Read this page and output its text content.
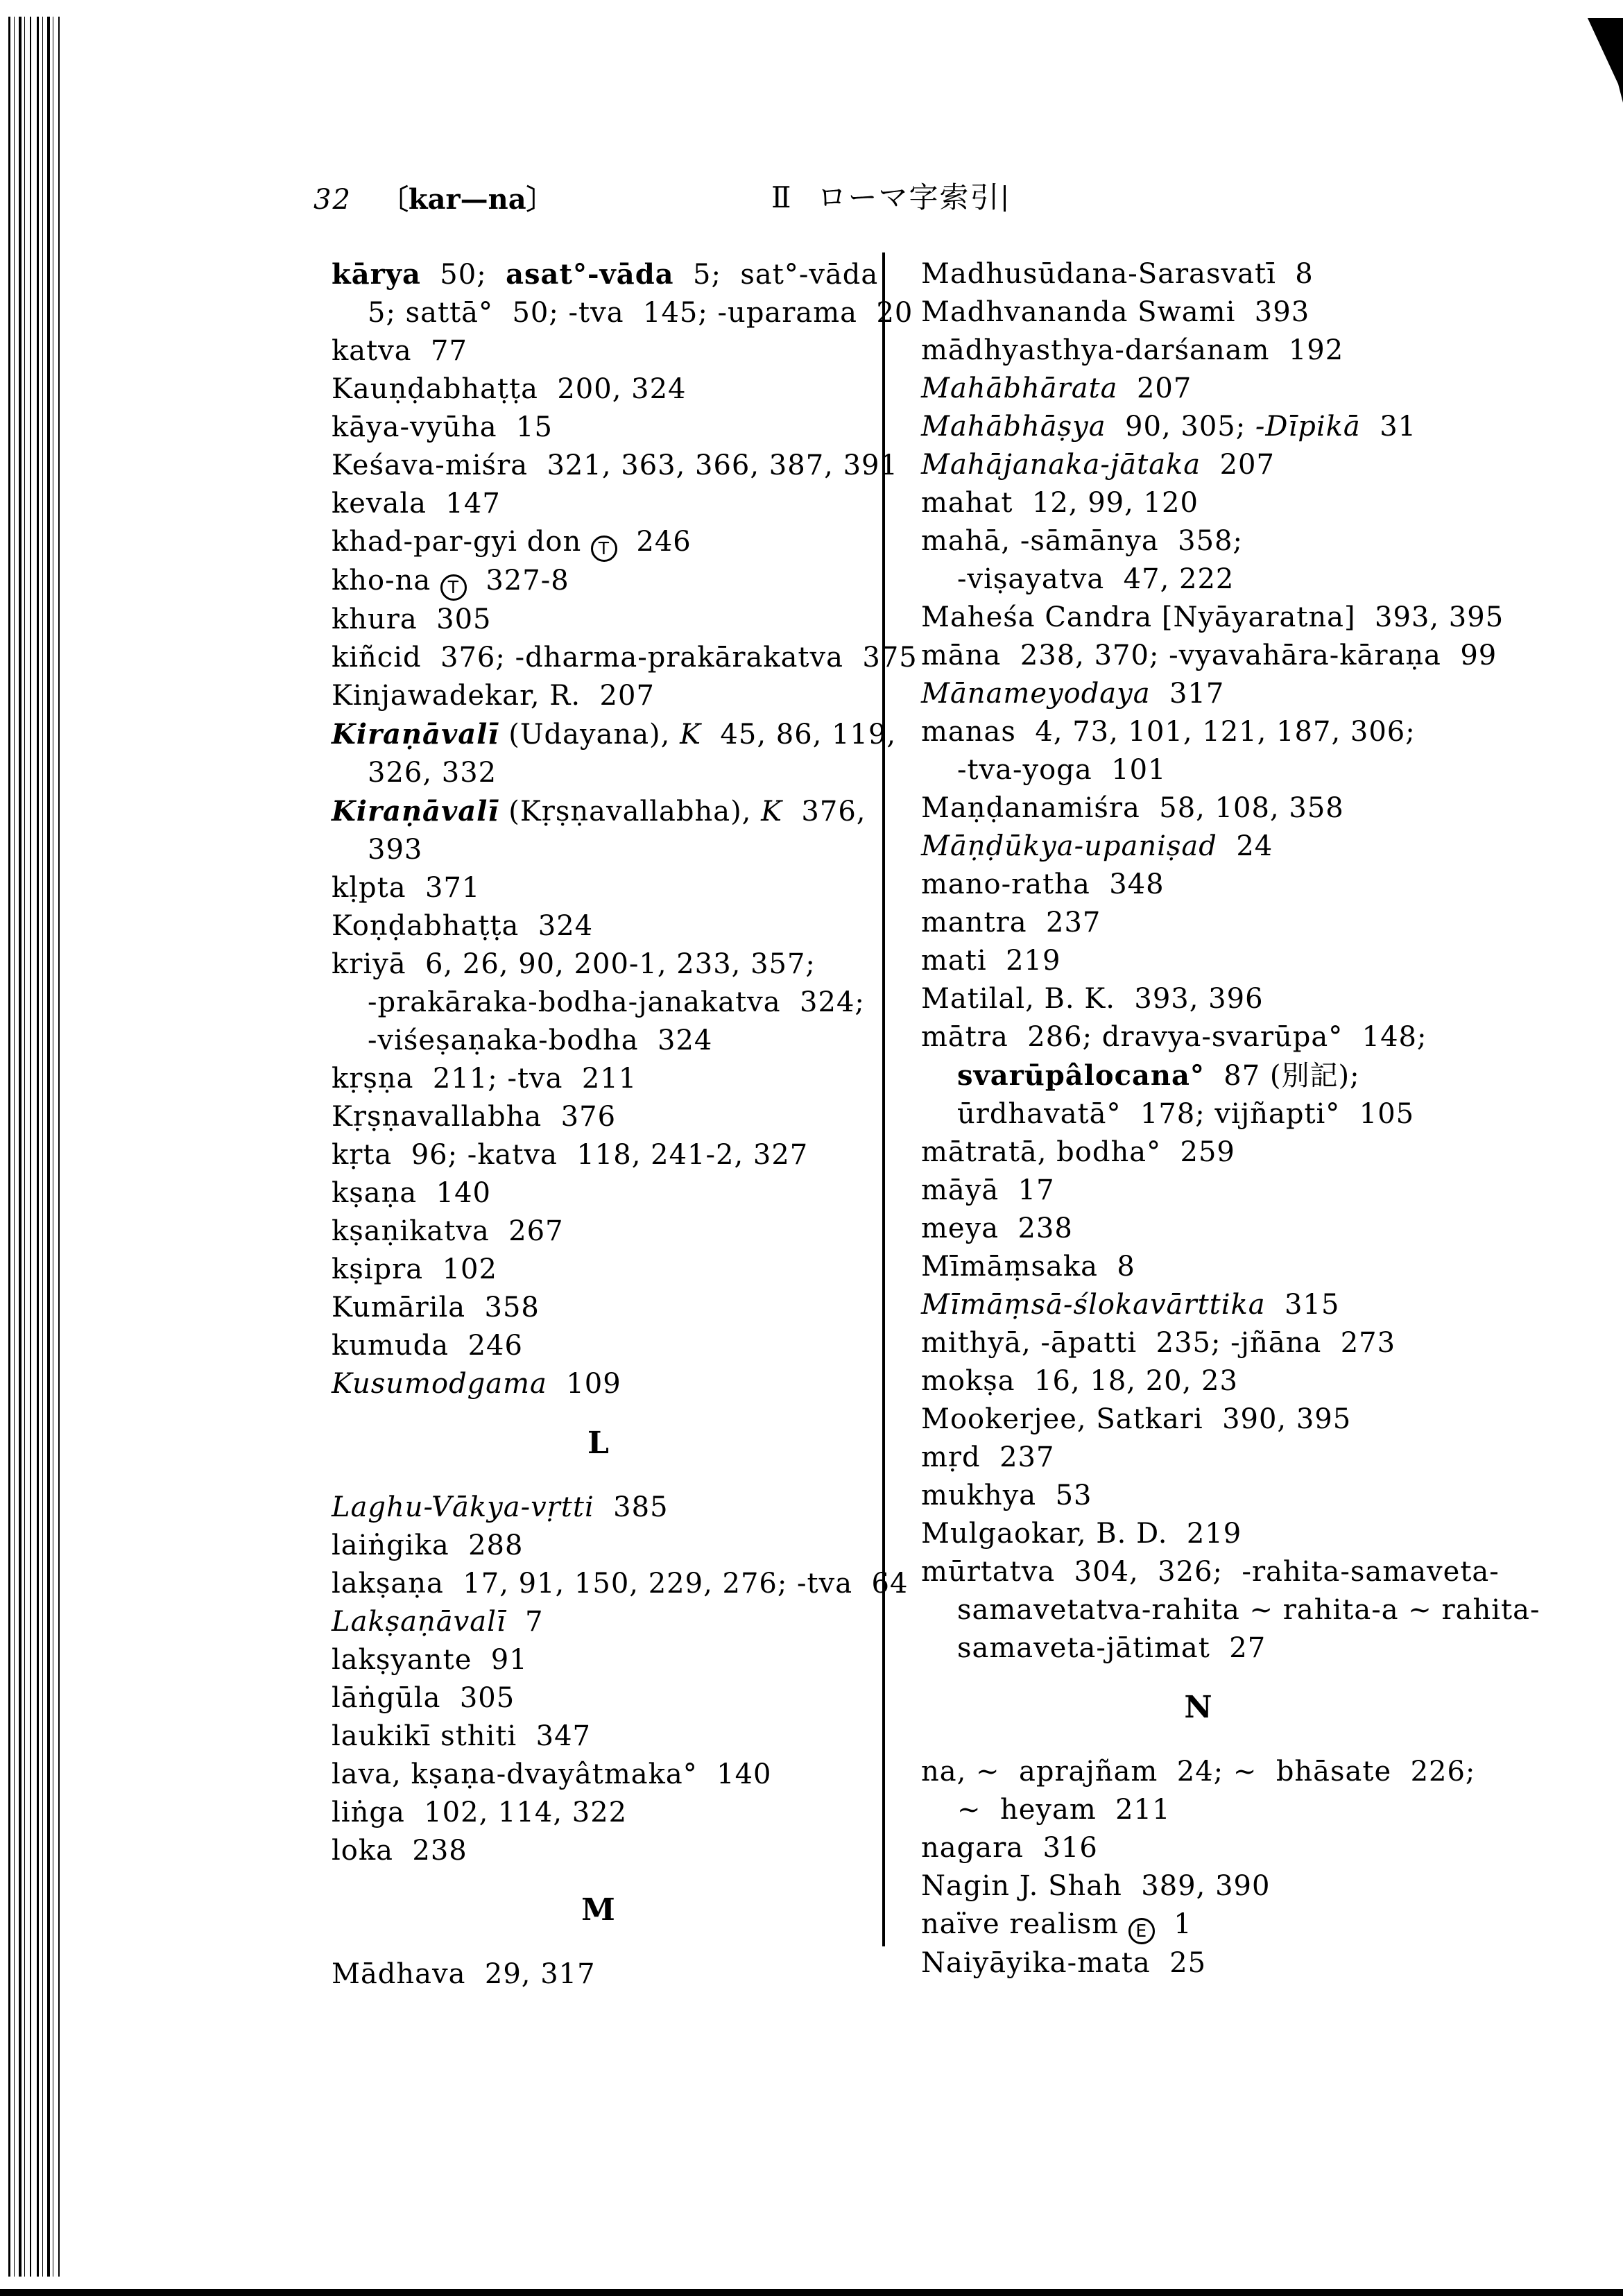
32 〔kar—na〕	Ⅱ ローマ字索引
kārya  50;  asat°-vāda  5;  sat°-vāda
5; sattā°  50; -tva  145; -uparama  20
katva  77
Kauṇḍabhaṭṭa  200, 324
kāya-vyūha  15
Keśava-miśra  321, 363, 366, 387, 391
kevala  147
khad-par-gyi don T  246
kho-na T  327-8
khura  305
kiñcid  376; -dharma-prakārakatva  375
Kinjawadekar, R.  207
Kiraṇāvalī (Udayana), K  45, 86, 119,
326, 332
Kiraṇāvalī (Kṛṣṇavallabha), K  376,
393
kḷpta  371
Koṇḍabhaṭṭa  324
kriyā  6, 26, 90, 200-1, 233, 357;
-prakāraka-bodha-janakatva  324;
-viśeṣaṇaka-bodha  324
kṛṣṇa  211; -tva  211
Kṛṣṇavallabha  376
kṛta  96; -katva  118, 241-2, 327
kṣaṇa  140
kṣaṇikatva  267
kṣipra  102
Kumārila  358
kumuda  246
Kusumodgama  109
L
Laghu-Vākya-vṛtti  385
laiṅgika  288
lakṣaṇa  17, 91, 150, 229, 276; -tva  64
Lakṣaṇāvalī  7
lakṣyante  91
lāṅgūla  305
laukikī sthiti  347
lava, kṣaṇa-dvayâtmaka°  140
liṅga  102, 114, 322
loka  238
M
Mādhava  29, 317
Madhusūdana-Sarasvatī  8
Madhvananda Swami  393
mādhyasthya-darśanam  192
Mahābhārata  207
Mahābhāṣya  90, 305; -Dīpikā  31
Mahājanaka-jātaka  207
mahat  12, 99, 120
mahā, -sāmānya  358;
-viṣayatva  47, 222
Maheśa Candra [Nyāyaratna]  393, 395
māna  238, 370; -vyavahāra-kāraṇa  99
Mānameyodaya  317
manas  4, 73, 101, 121, 187, 306;
-tva-yoga  101
Maṇḍanamiśra  58, 108, 358
Māṇḍūkya-upaniṣad  24
mano-ratha  348
mantra  237
mati  219
Matilal, B. K.  393, 396
mātra  286; dravya-svarūpa°  148;
svarūpâlocana°  87 (別記);
ūrdhavatā°  178; vijñapti°  105
mātratā, bodha°  259
māyā  17
meya  238
Mīmāṃsaka  8
Mīmāṃsā-ślokavārttika  315
mithyā, -āpatti  235; -jñāna  273
mokṣa  16, 18, 20, 23
Mookerjee, Satkari  390, 395
mṛd  237
mukhya  53
Mulgaokar, B. D.  219
mūrtatva  304,  326;  -rahita-samaveta-
samavetatva-rahita ~ rahita-a ~ rahita-
samaveta-jātimat  27
N
na, ~  aprajñam  24; ~  bhāsate  226;
~  heyam  211
nagara  316
Nagin J. Shah  389, 390
naïve realism E  1
Naiyāyika-mata  25
